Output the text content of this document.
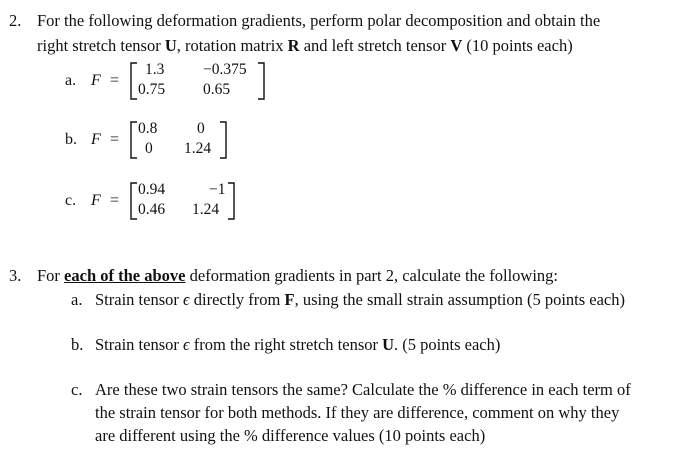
2. For the following deformation gradients, perform polar decomposition and obtain the
right stretch tensor U, rotation matrix R and left stretch tensor V (10 points each)
a. F =
1.3 −0.375
0.75 0.65
b. F =
0.8	0
0 1.24
c. F =
0.94	−1
0.46 1.24
3. For each of the above deformation gradients in part 2, calculate the following:
a. Strain tensor ϵ directly from F, using the small strain assumption (5 points each)
b. Strain tensor ϵ from the right stretch tensor U. (5 points each)
c. Are these two strain tensors the same? Calculate the % difference in each term of
the strain tensor for both methods. If they are difference, comment on why they
are different using the % difference values (10 points each)
